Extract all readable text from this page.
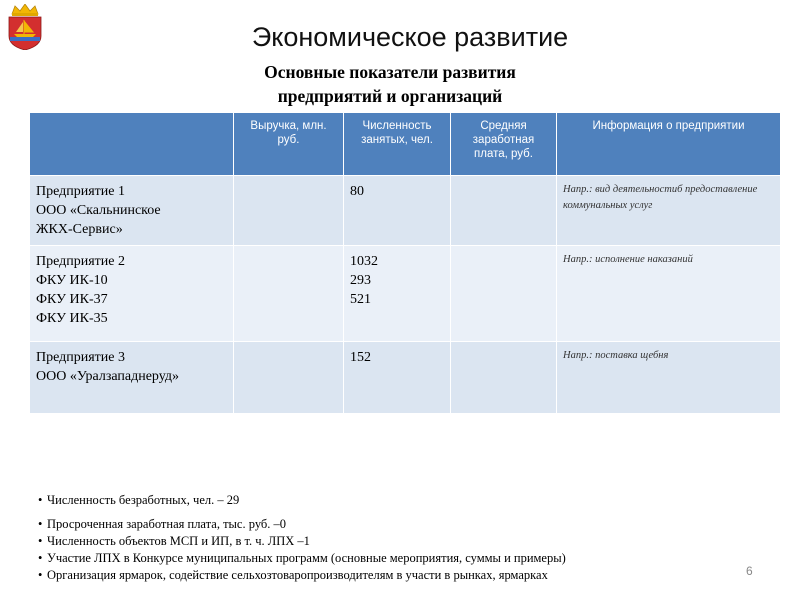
Экономическое развитие
Основные показатели развития
предприятий и организаций
	Выручка, млн. руб.	Численность занятых, чел.	Средняя заработная плата, руб.	Информация о предприятии

Предприятие 1
ООО «Скальнинское
ЖКХ-Сервис»		80		Напр.: вид деятельностиб предоставление коммунальных услуг

Предприятие 2
ФКУ ИК-10
ФКУ ИК-37
ФКУ ИК-35		1032
293
521		Напр.: исполнение наказаний

Предприятие 3
ООО «Уралзападнеруд»		152		Напр.: поставка щебня
• Численность безработных, чел. – 29
• Просроченная заработная плата, тыс. руб. –0
• Численность объектов МСП и ИП, в т. ч. ЛПХ –1
• Участие ЛПХ в Конкурсе муниципальных программ (основные мероприятия, суммы и примеры)
• Организация ярмарок, содействие сельхозтоваропроизводителям в участи в рынках, ярмарках	6
